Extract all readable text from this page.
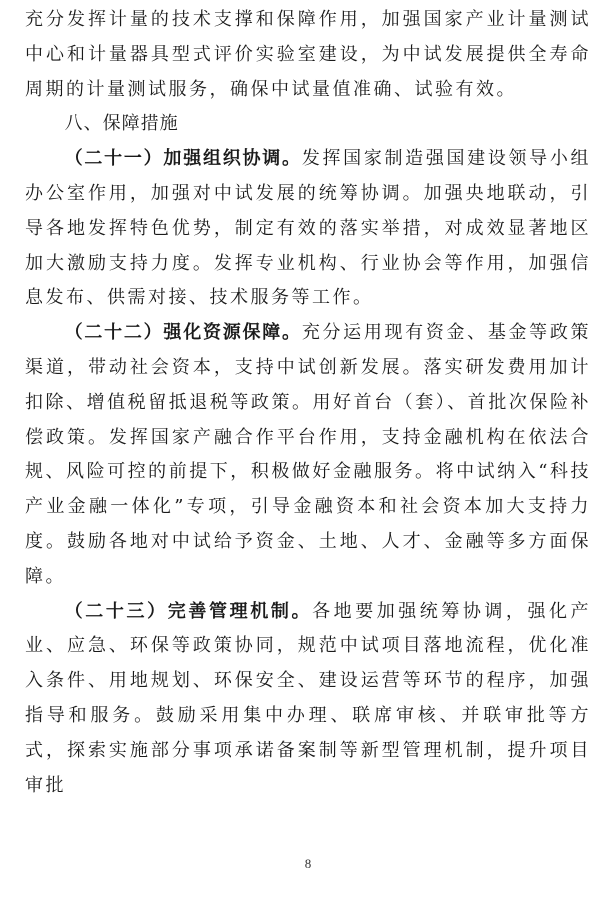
充分发挥计量的技术支撑和保障作用，加强国家产业计量测试中心和计量器具型式评价实验室建设，为中试发展提供全寿命周期的计量测试服务，确保中试量值准确、试验有效。

八、保障措施

（二十一）加强组织协调。发挥国家制造强国建设领导小组办公室作用，加强对中试发展的统筹协调。加强央地联动，引导各地发挥特色优势，制定有效的落实举措，对成效显著地区加大激励支持力度。发挥专业机构、行业协会等作用，加强信息发布、供需对接、技术服务等工作。

（二十二）强化资源保障。充分运用现有资金、基金等政策渠道，带动社会资本，支持中试创新发展。落实研发费用加计扣除、增值税留抵退税等政策。用好首台（套）、首批次保险补偿政策。发挥国家产融合作平台作用，支持金融机构在依法合规、风险可控的前提下，积极做好金融服务。将中试纳入“科技产业金融一体化”专项，引导金融资本和社会资本加大支持力度。鼓励各地对中试给予资金、土地、人才、金融等多方面保障。

（二十三）完善管理机制。各地要加强统筹协调，强化产业、应急、环保等政策协同，规范中试项目落地流程，优化准入条件、用地规划、环保安全、建设运营等环节的程序，加强指导和服务。鼓励采用集中办理、联席审核、并联审批等方式，探索实施部分事项承诺备案制等新型管理机制，提升项目审批

8
